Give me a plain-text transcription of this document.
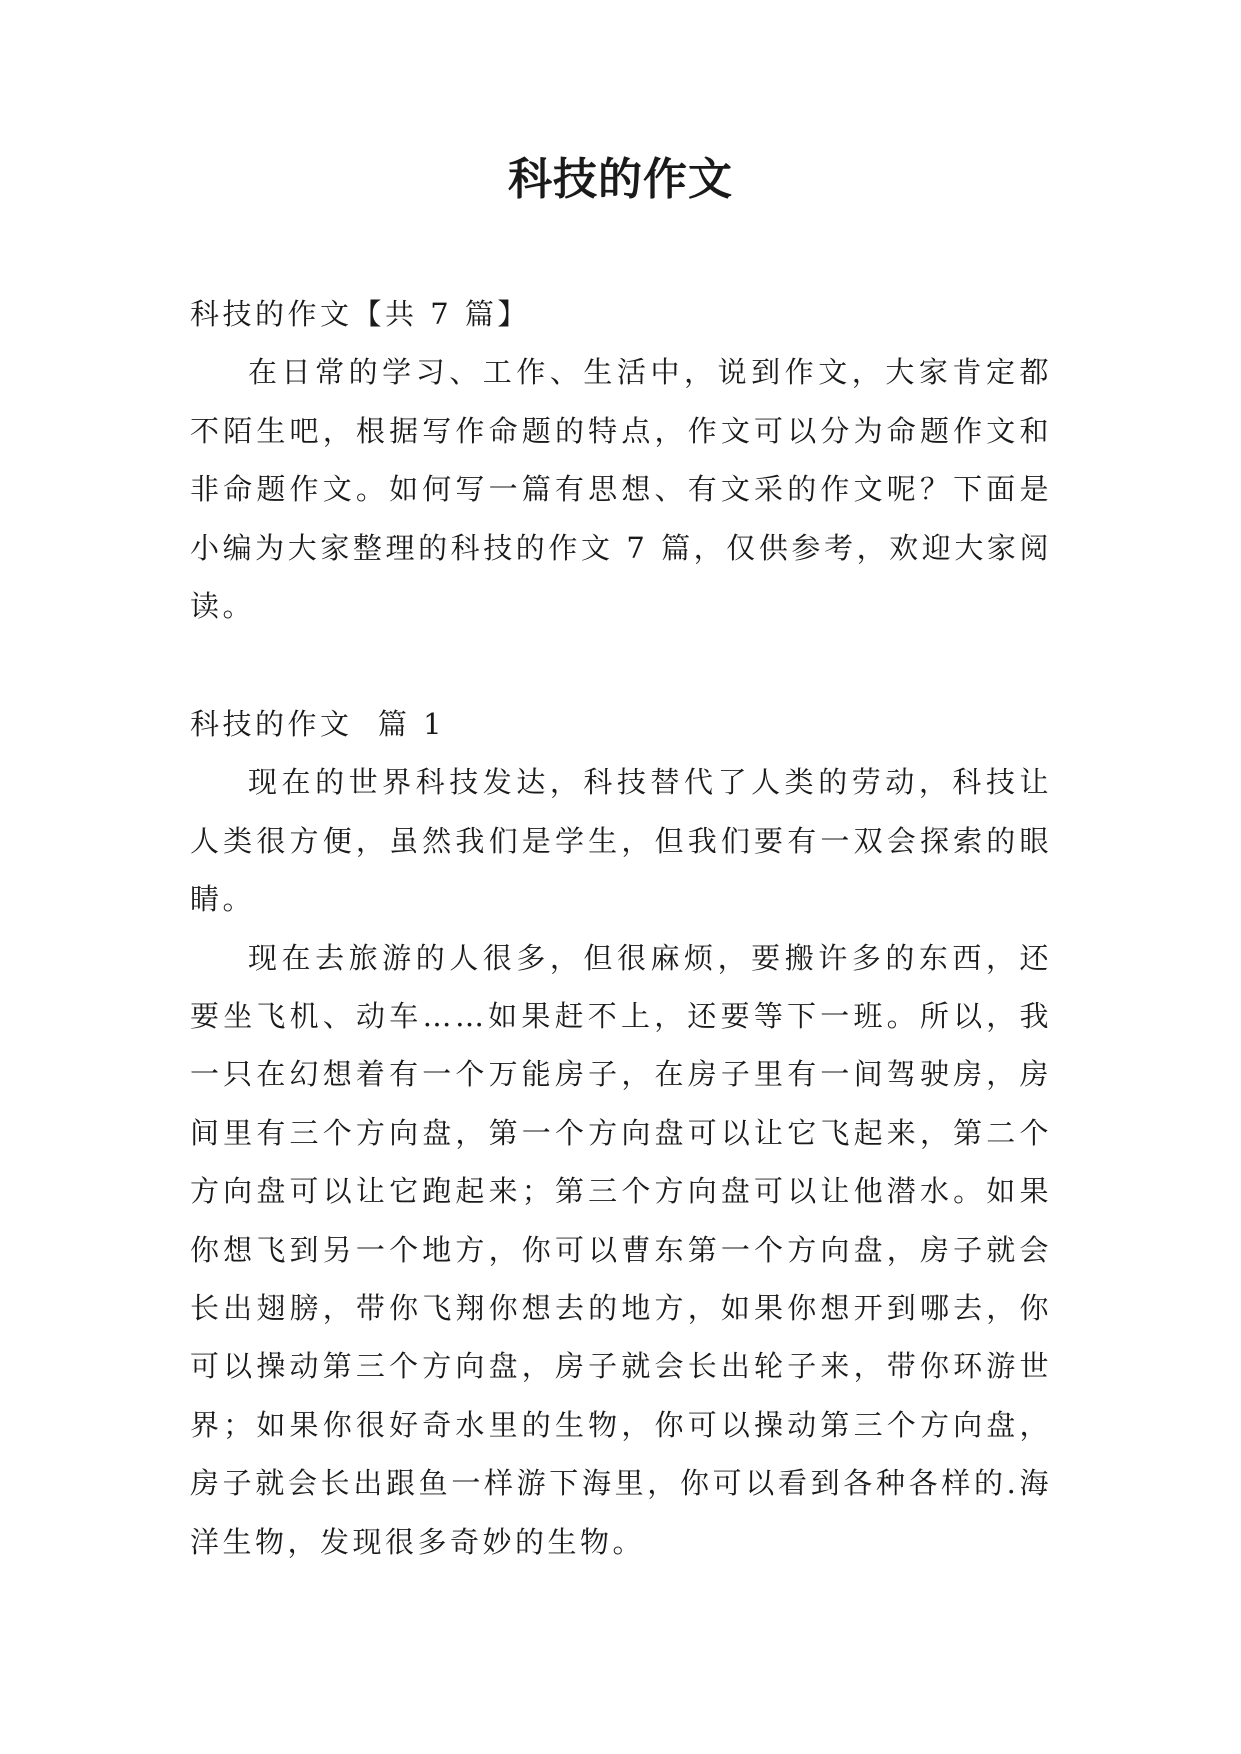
科技的作文

科技的作文【共 7 篇】

在日常的学习、工作、生活中，说到作文，大家肯定都不陌生吧，根据写作命题的特点，作文可以分为命题作文和非命题作文。如何写一篇有思想、有文采的作文呢？下面是小编为大家整理的科技的作文 7 篇，仅供参考，欢迎大家阅读。

科技的作文  篇 1

现在的世界科技发达，科技替代了人类的劳动，科技让人类很方便，虽然我们是学生，但我们要有一双会探索的眼睛。

现在去旅游的人很多，但很麻烦，要搬许多的东西，还要坐飞机、动车……如果赶不上，还要等下一班。所以，我一只在幻想着有一个万能房子，在房子里有一间驾驶房，房间里有三个方向盘，第一个方向盘可以让它飞起来，第二个方向盘可以让它跑起来；第三个方向盘可以让他潜水。如果你想飞到另一个地方，你可以曹东第一个方向盘，房子就会长出翅膀，带你飞翔你想去的地方，如果你想开到哪去，你可以操动第三个方向盘，房子就会长出轮子来，带你环游世界；如果你很好奇水里的生物，你可以操动第三个方向盘，房子就会长出跟鱼一样游下海里，你可以看到各种各样的.海洋生物，发现很多奇妙的生物。
